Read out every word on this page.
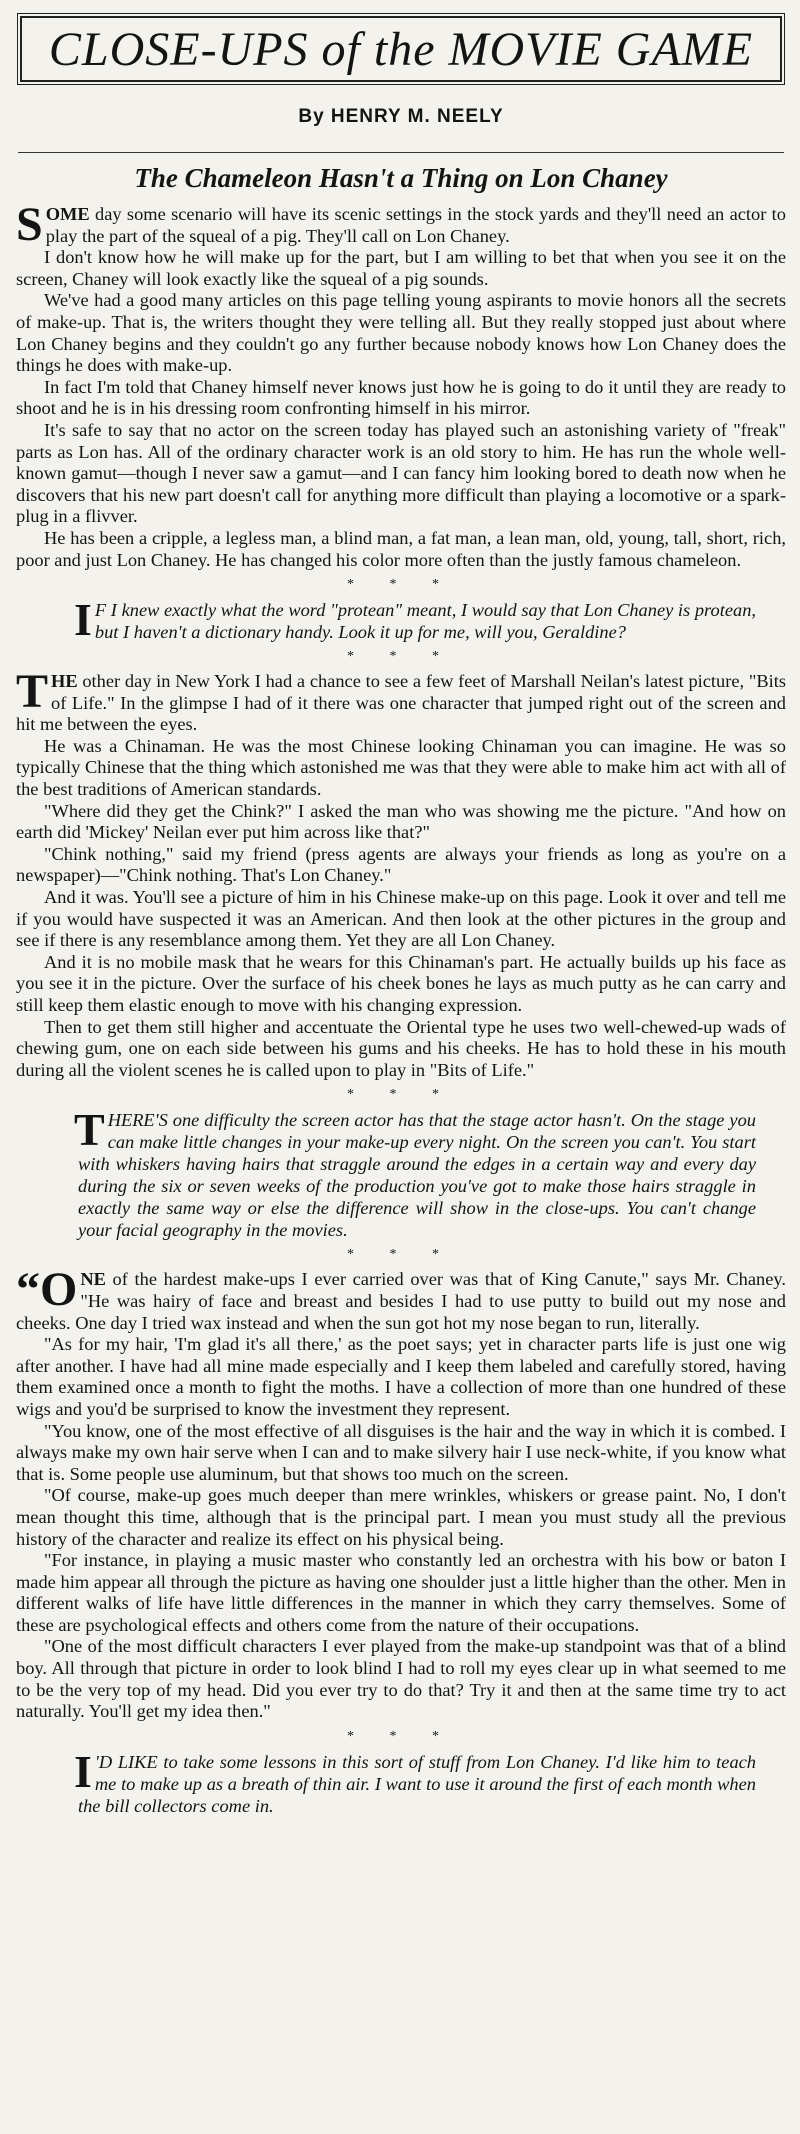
CLOSE-UPS of the MOVIE GAME
By HENRY M. NEELY
The Chameleon Hasn't a Thing on Lon Chaney

SOME day some scenario will have its scenic settings in the stock yards and they'll need an actor to play the part of the squeal of a pig. They'll call on Lon Chaney.

I don't know how he will make up for the part, but I am willing to bet that when you see it on the screen, Chaney will look exactly like the squeal of a pig sounds.

We've had a good many articles on this page telling young aspirants to movie honors all the secrets of make-up. That is, the writers thought they were telling all. But they really stopped just about where Lon Chaney begins and they couldn't go any further because nobody knows how Lon Chaney does the things he does with make-up.

In fact I'm told that Chaney himself never knows just how he is going to do it until they are ready to shoot and he is in his dressing room confronting himself in his mirror.

It's safe to say that no actor on the screen today has played such an astonishing variety of "freak" parts as Lon has. All of the ordinary character work is an old story to him. He has run the whole well-known gamut—though I never saw a gamut—and I can fancy him looking bored to death now when he discovers that his new part doesn't call for anything more difficult than playing a locomotive or a spark-plug in a flivver.

He has been a cripple, a legless man, a blind man, a fat man, a lean man, old, young, tall, short, rich, poor and just Lon Chaney. He has changed his color more often than the justly famous chameleon.

* * *
I F I knew exactly what the word "protean" meant, I would say that Lon Chaney is protean, but I haven't a dictionary handy. Look it up for me, will you, Geraldine?
* * *

THE other day in New York I had a chance to see a few feet of Marshall Neilan's latest picture, "Bits of Life." In the glimpse I had of it there was one character that jumped right out of the screen and hit me between the eyes.

He was a Chinaman. He was the most Chinese looking Chinaman you can imagine. He was so typically Chinese that the thing which astonished me was that they were able to make him act with all of the best traditions of American standards.

"Where did they get the Chink?" I asked the man who was showing me the picture. "And how on earth did 'Mickey' Neilan ever put him across like that?"

"Chink nothing," said my friend (press agents are always your friends as long as you're on a newspaper)—"Chink nothing. That's Lon Chaney."

And it was. You'll see a picture of him in his Chinese make-up on this page. Look it over and tell me if you would have suspected it was an American. And then look at the other pictures in the group and see if there is any resemblance among them. Yet they are all Lon Chaney.

And it is no mobile mask that he wears for this Chinaman's part. He actually builds up his face as you see it in the picture. Over the surface of his cheek bones he lays as much putty as he can carry and still keep them elastic enough to move with his changing expression.

Then to get them still higher and accentuate the Oriental type he uses two well-chewed-up wads of chewing gum, one on each side between his gums and his cheeks. He has to hold these in his mouth during all the violent scenes he is called upon to play in "Bits of Life."

* * *
THERE'S one difficulty the screen actor has that the stage actor hasn't. On the stage you can make little changes in your make-up every night. On the screen you can't. You start with whiskers having hairs that straggle around the edges in a certain way and every day during the six or seven weeks of the production you've got to make those hairs straggle in exactly the same way or else the difference will show in the close-ups. You can't change your facial geography in the movies.
* * *

“ONE of the hardest make-ups I ever carried over was that of King Canute," says Mr. Chaney. "He was hairy of face and breast and besides I had to use putty to build out my nose and cheeks. One day I tried wax instead and when the sun got hot my nose began to run, literally.

"As for my hair, 'I'm glad it's all there,' as the poet says; yet in character parts life is just one wig after another. I have had all mine made especially and I keep them labeled and carefully stored, having them examined once a month to fight the moths. I have a collection of more than one hundred of these wigs and you'd be surprised to know the investment they represent.

"You know, one of the most effective of all disguises is the hair and the way in which it is combed. I always make my own hair serve when I can and to make silvery hair I use neck-white, if you know what that is. Some people use aluminum, but that shows too much on the screen.

"Of course, make-up goes much deeper than mere wrinkles, whiskers or grease paint. No, I don't mean thought this time, although that is the principal part. I mean you must study all the previous history of the character and realize its effect on his physical being.

"For instance, in playing a music master who constantly led an orchestra with his bow or baton I made him appear all through the picture as having one shoulder just a little higher than the other. Men in different walks of life have little differences in the manner in which they carry themselves. Some of these are psychological effects and others come from the nature of their occupations.

"One of the most difficult characters I ever played from the make-up standpoint was that of a blind boy. All through that picture in order to look blind I had to roll my eyes clear up in what seemed to me to be the very top of my head. Did you ever try to do that? Try it and then at the same time try to act naturally. You'll get my idea then."

* * *
I 'D LIKE to take some lessons in this sort of stuff from Lon Chaney. I'd like him to teach me to make up as a breath of thin air. I want to use it around the first of each month when the bill collectors come in.
